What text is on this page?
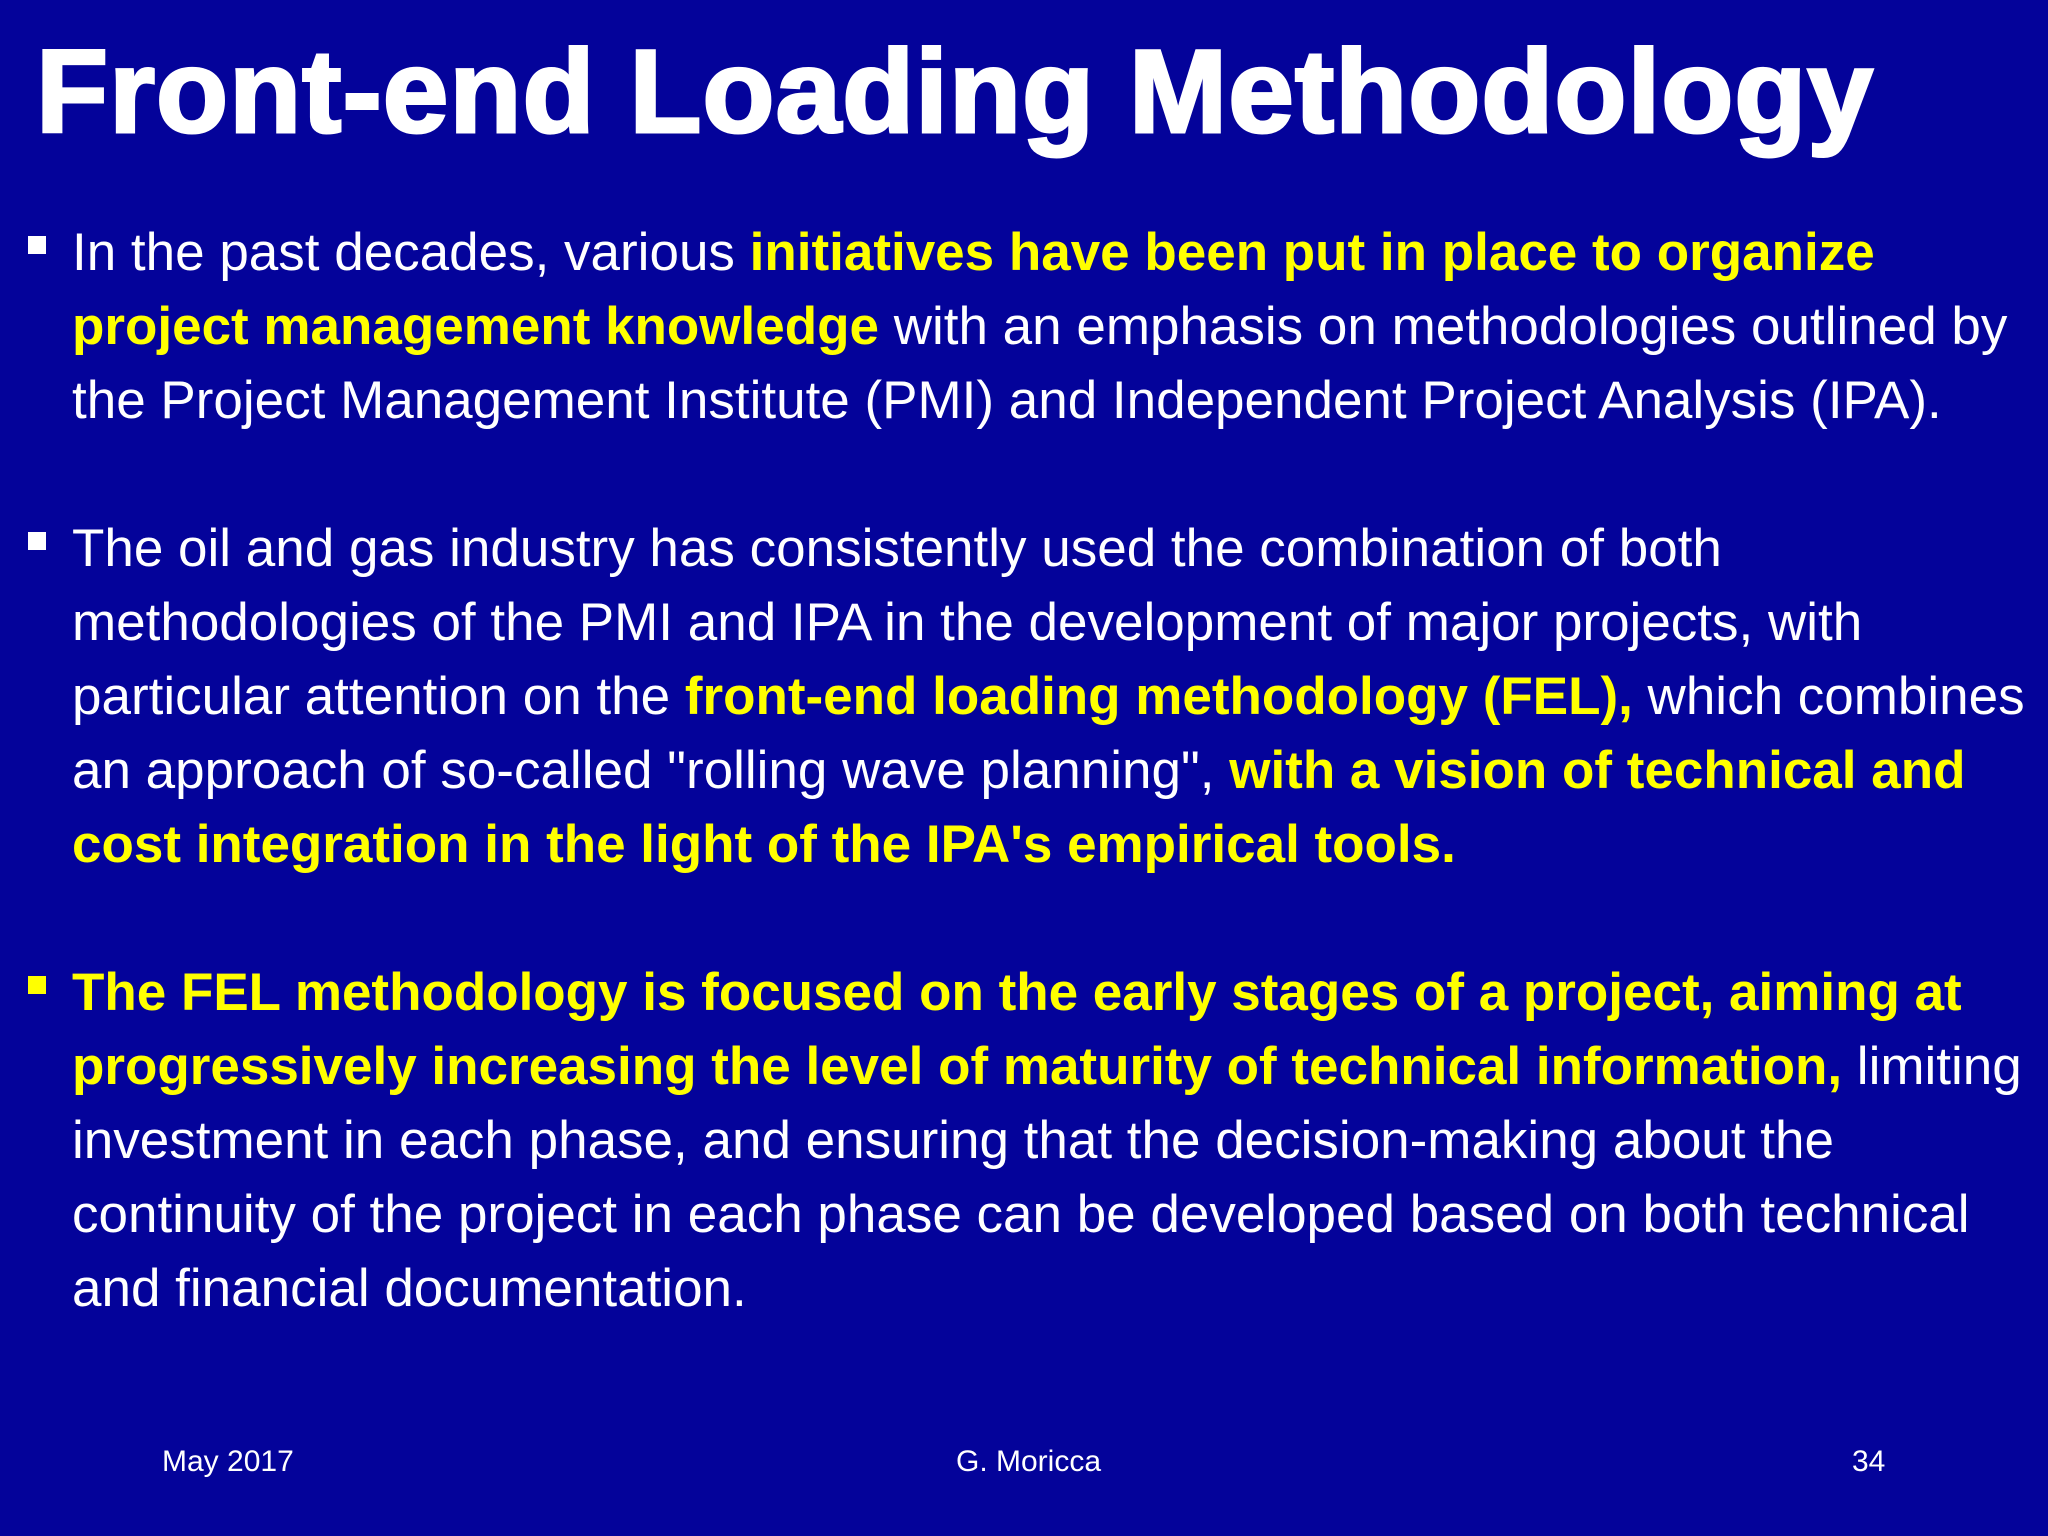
Front-end Loading Methodology
In the past decades, various initiatives have been put in place to organize project management knowledge with an emphasis on methodologies outlined by the Project Management Institute (PMI) and Independent Project Analysis (IPA).
The oil and gas industry has consistently used the combination of both methodologies of the PMI and IPA in the development of major projects, with particular attention on the front-end loading methodology (FEL), which combines an approach of so-called "rolling wave planning", with a vision of technical and cost integration in the light of the IPA's empirical tools.
The FEL methodology is focused on the early stages of a project, aiming at progressively increasing the level of maturity of technical information, limiting investment in each phase, and ensuring that the decision-making about the continuity of the project in each phase can be developed based on both technical and financial documentation.
May 2017	G. Moricca	34
